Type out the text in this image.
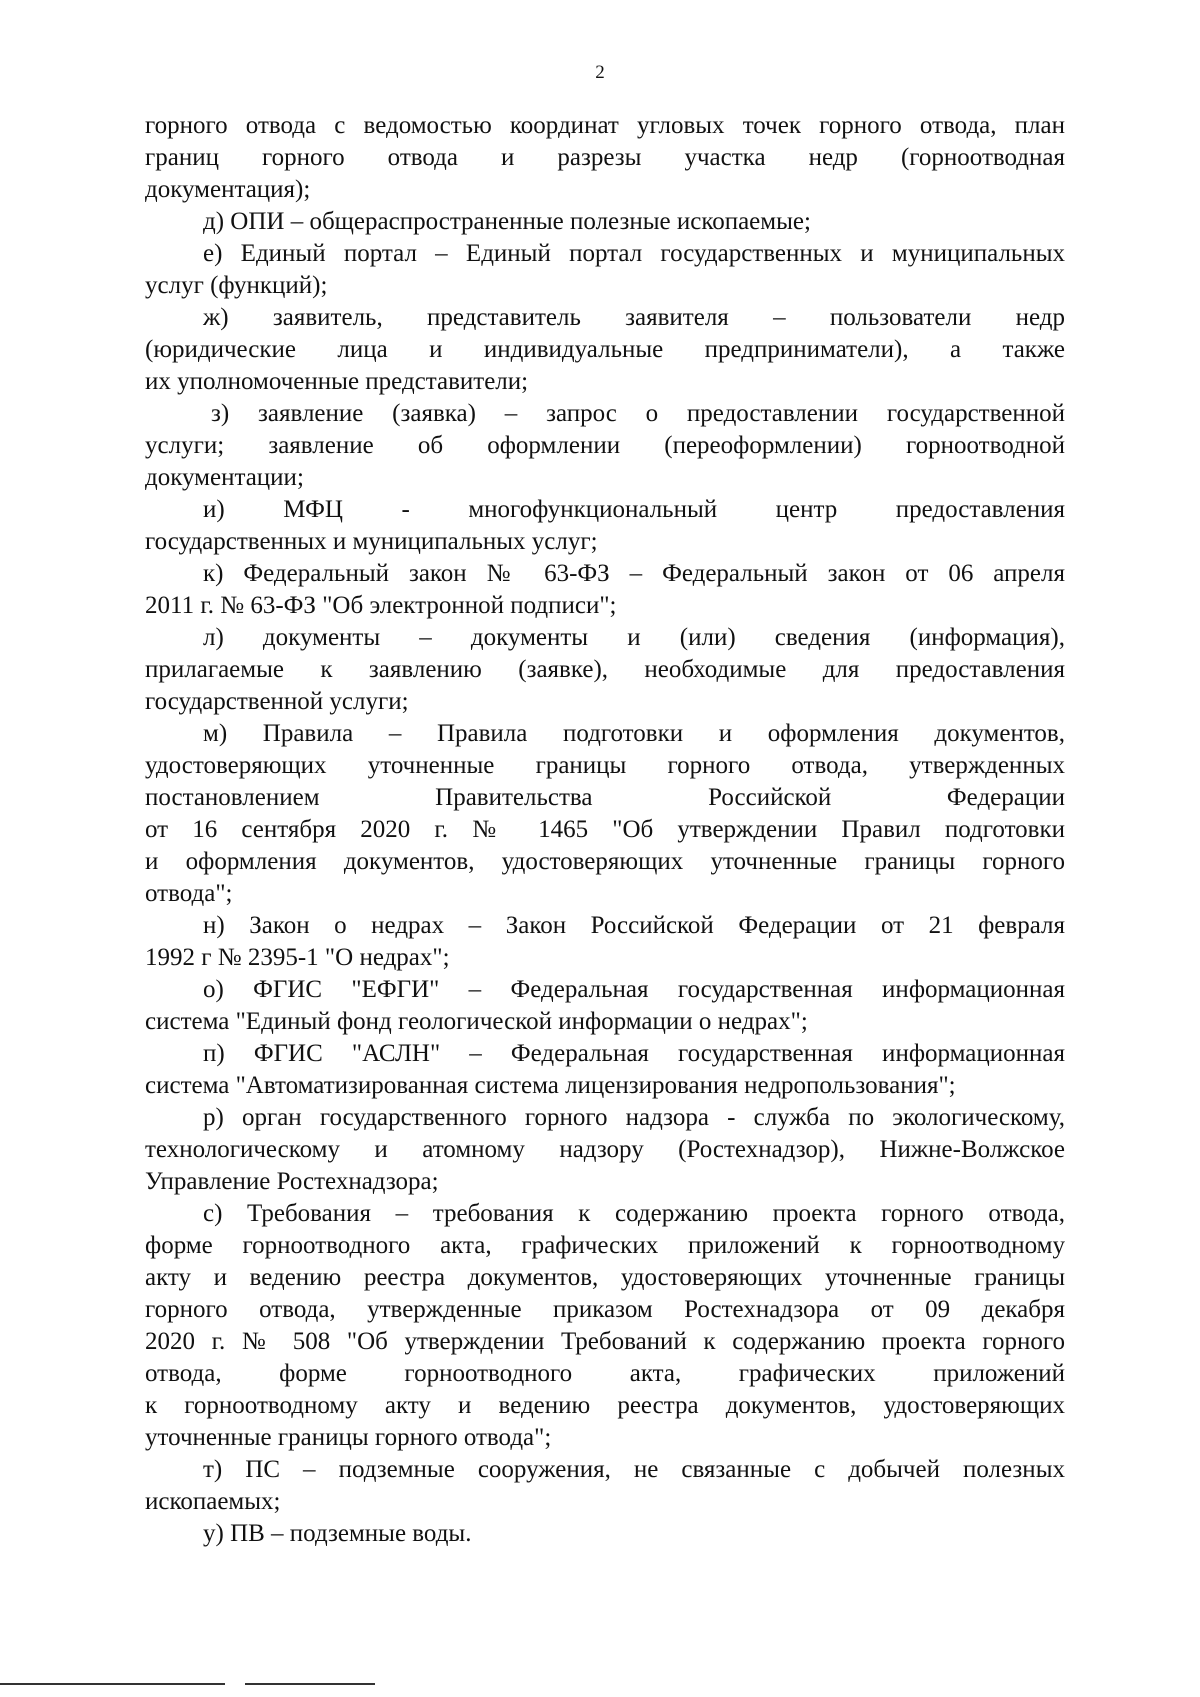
2

горного отвода с ведомостью координат угловых точек горного отвода, план
границ горного отвода и разрезы участка недр (горноотводная
документация);

д) ОПИ – общераспространенные полезные ископаемые;

е) Единый портал – Единый портал государственных и муниципальных
услуг (функций);

ж) заявитель, представитель заявителя – пользователи недр
(юридические лица и индивидуальные предприниматели), а также
их уполномоченные представители;

з) заявление (заявка) – запрос о предоставлении государственной
услуги; заявление об оформлении (переоформлении) горноотводной
документации;

и) МФЦ - многофункциональный центр предоставления
государственных и муниципальных услуг;

к) Федеральный закон № 63-ФЗ – Федеральный закон от 06 апреля
2011 г. № 63-ФЗ "Об электронной подписи";

л) документы – документы и (или) сведения (информация),
прилагаемые к заявлению (заявке), необходимые для предоставления
государственной услуги;

м) Правила – Правила подготовки и оформления документов,
удостоверяющих уточненные границы горного отвода, утвержденных
постановлением Правительства Российской Федерации
от 16 сентября 2020 г. № 1465 "Об утверждении Правил подготовки
и оформления документов, удостоверяющих уточненные границы горного
отвода";

н) Закон о недрах – Закон Российской Федерации от 21 февраля
1992 г № 2395-1 "О недрах";

о) ФГИС "ЕФГИ" – Федеральная государственная информационная
система "Единый фонд геологической информации о недрах";

п) ФГИС "АСЛН" – Федеральная государственная информационная
система "Автоматизированная система лицензирования недропользования";

р) орган государственного горного надзора - служба по экологическому,
технологическому и атомному надзору (Ростехнадзор), Нижне-Волжское
Управление Ростехнадзора;

с) Требования – требования к содержанию проекта горного отвода,
форме горноотводного акта, графических приложений к горноотводному
акту и ведению реестра документов, удостоверяющих уточненные границы
горного отвода, утвержденные приказом Ростехнадзора от 09 декабря
2020 г. № 508 "Об утверждении Требований к содержанию проекта горного
отвода, форме горноотводного акта, графических приложений
к горноотводному акту и ведению реестра документов, удостоверяющих
уточненные границы горного отвода";

т) ПС – подземные сооружения, не связанные с добычей полезных
ископаемых;

у) ПВ – подземные воды.
